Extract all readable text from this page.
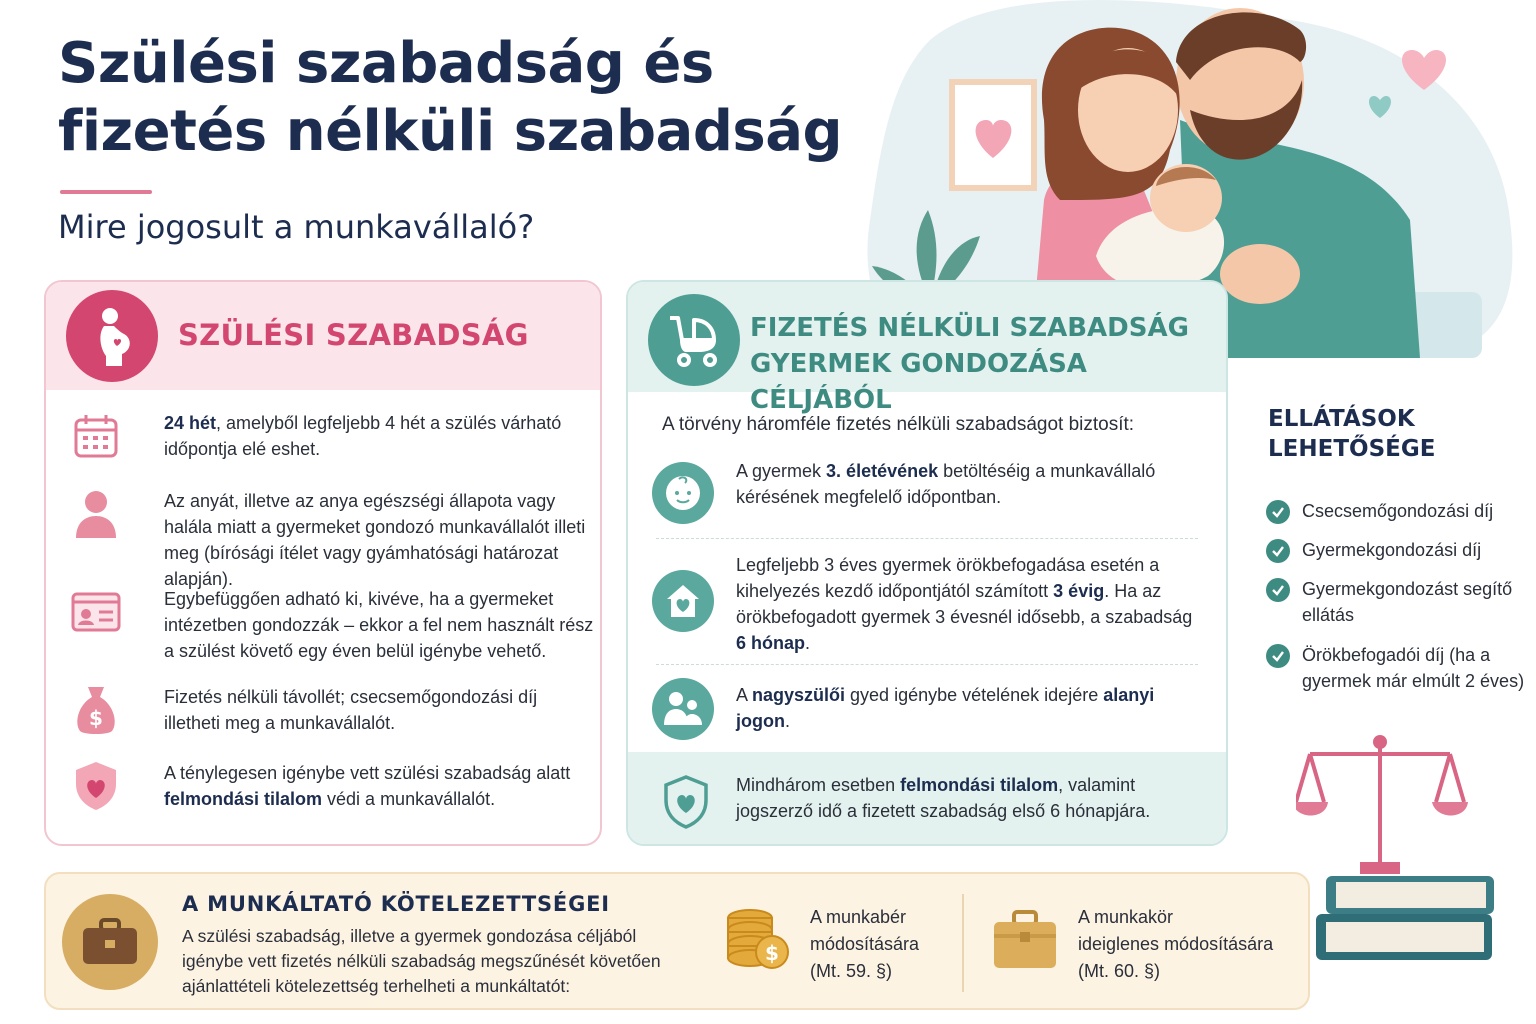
Szülési szabadság és
fizetés nélküli szabadság
Mire jogosult a munkavállaló?
SZÜLÉSI SZABADSÁG
24 hét, amelyből legfeljebb 4 hét a szülés várható időpontja elé eshet.
Az anyát, illetve az anya egészségi állapota vagy halála miatt a gyermeket gondozó munkavállalót illeti meg (bírósági ítélet vagy gyámhatósági határozat alapján).
Egybefüggően adható ki, kivéve, ha a gyermeket intézetben gondozzák – ekkor a fel nem használt rész a szülést követő egy éven belül igénybe vehető.
$
Fizetés nélküli távollét; csecsemőgondozási díj illetheti meg a munkavállalót.
A ténylegesen igénybe vett szülési szabadság alatt felmondási tilalom védi a munkavállalót.
FIZETÉS NÉLKÜLI SZABADSÁG
GYERMEK GONDOZÁSA CÉLJÁBÓL
A törvény háromféle fizetés nélküli szabadságot biztosít:
A gyermek 3. életévének betöltéséig a munkavállaló kérésének megfelelő időpontban.
Legfeljebb 3 éves gyermek örökbefogadása esetén a kihelyezés kezdő időpontjától számított 3 évig. Ha az örökbefogadott gyermek 3 évesnél idősebb, a szabadság 6 hónap.
A nagyszülői gyed igénybe vételének idejére alanyi jogon.
Mindhárom esetben felmondási tilalom, valamint jogszerző idő a fizetett szabadság első 6 hónapjára.
ELLÁTÁSOK
LEHETŐSÉGE
Csecsemőgondozási díj
Gyermekgondozási díj
Gyermekgondozást segítő ellátás
Örökbefogadói díj (ha a gyermek már elmúlt 2 éves)
A MUNKÁLTATÓ KÖTELEZETTSÉGEI
A szülési szabadság, illetve a gyermek gondozása céljából igénybe vett fizetés nélküli szabadság megszűnését követően ajánlattételi kötelezettség terhelheti a munkáltatót:
$
A munkabér
módosítására
(Mt. 59. §)
A munkakör
ideiglenes módosítására
(Mt. 60. §)
